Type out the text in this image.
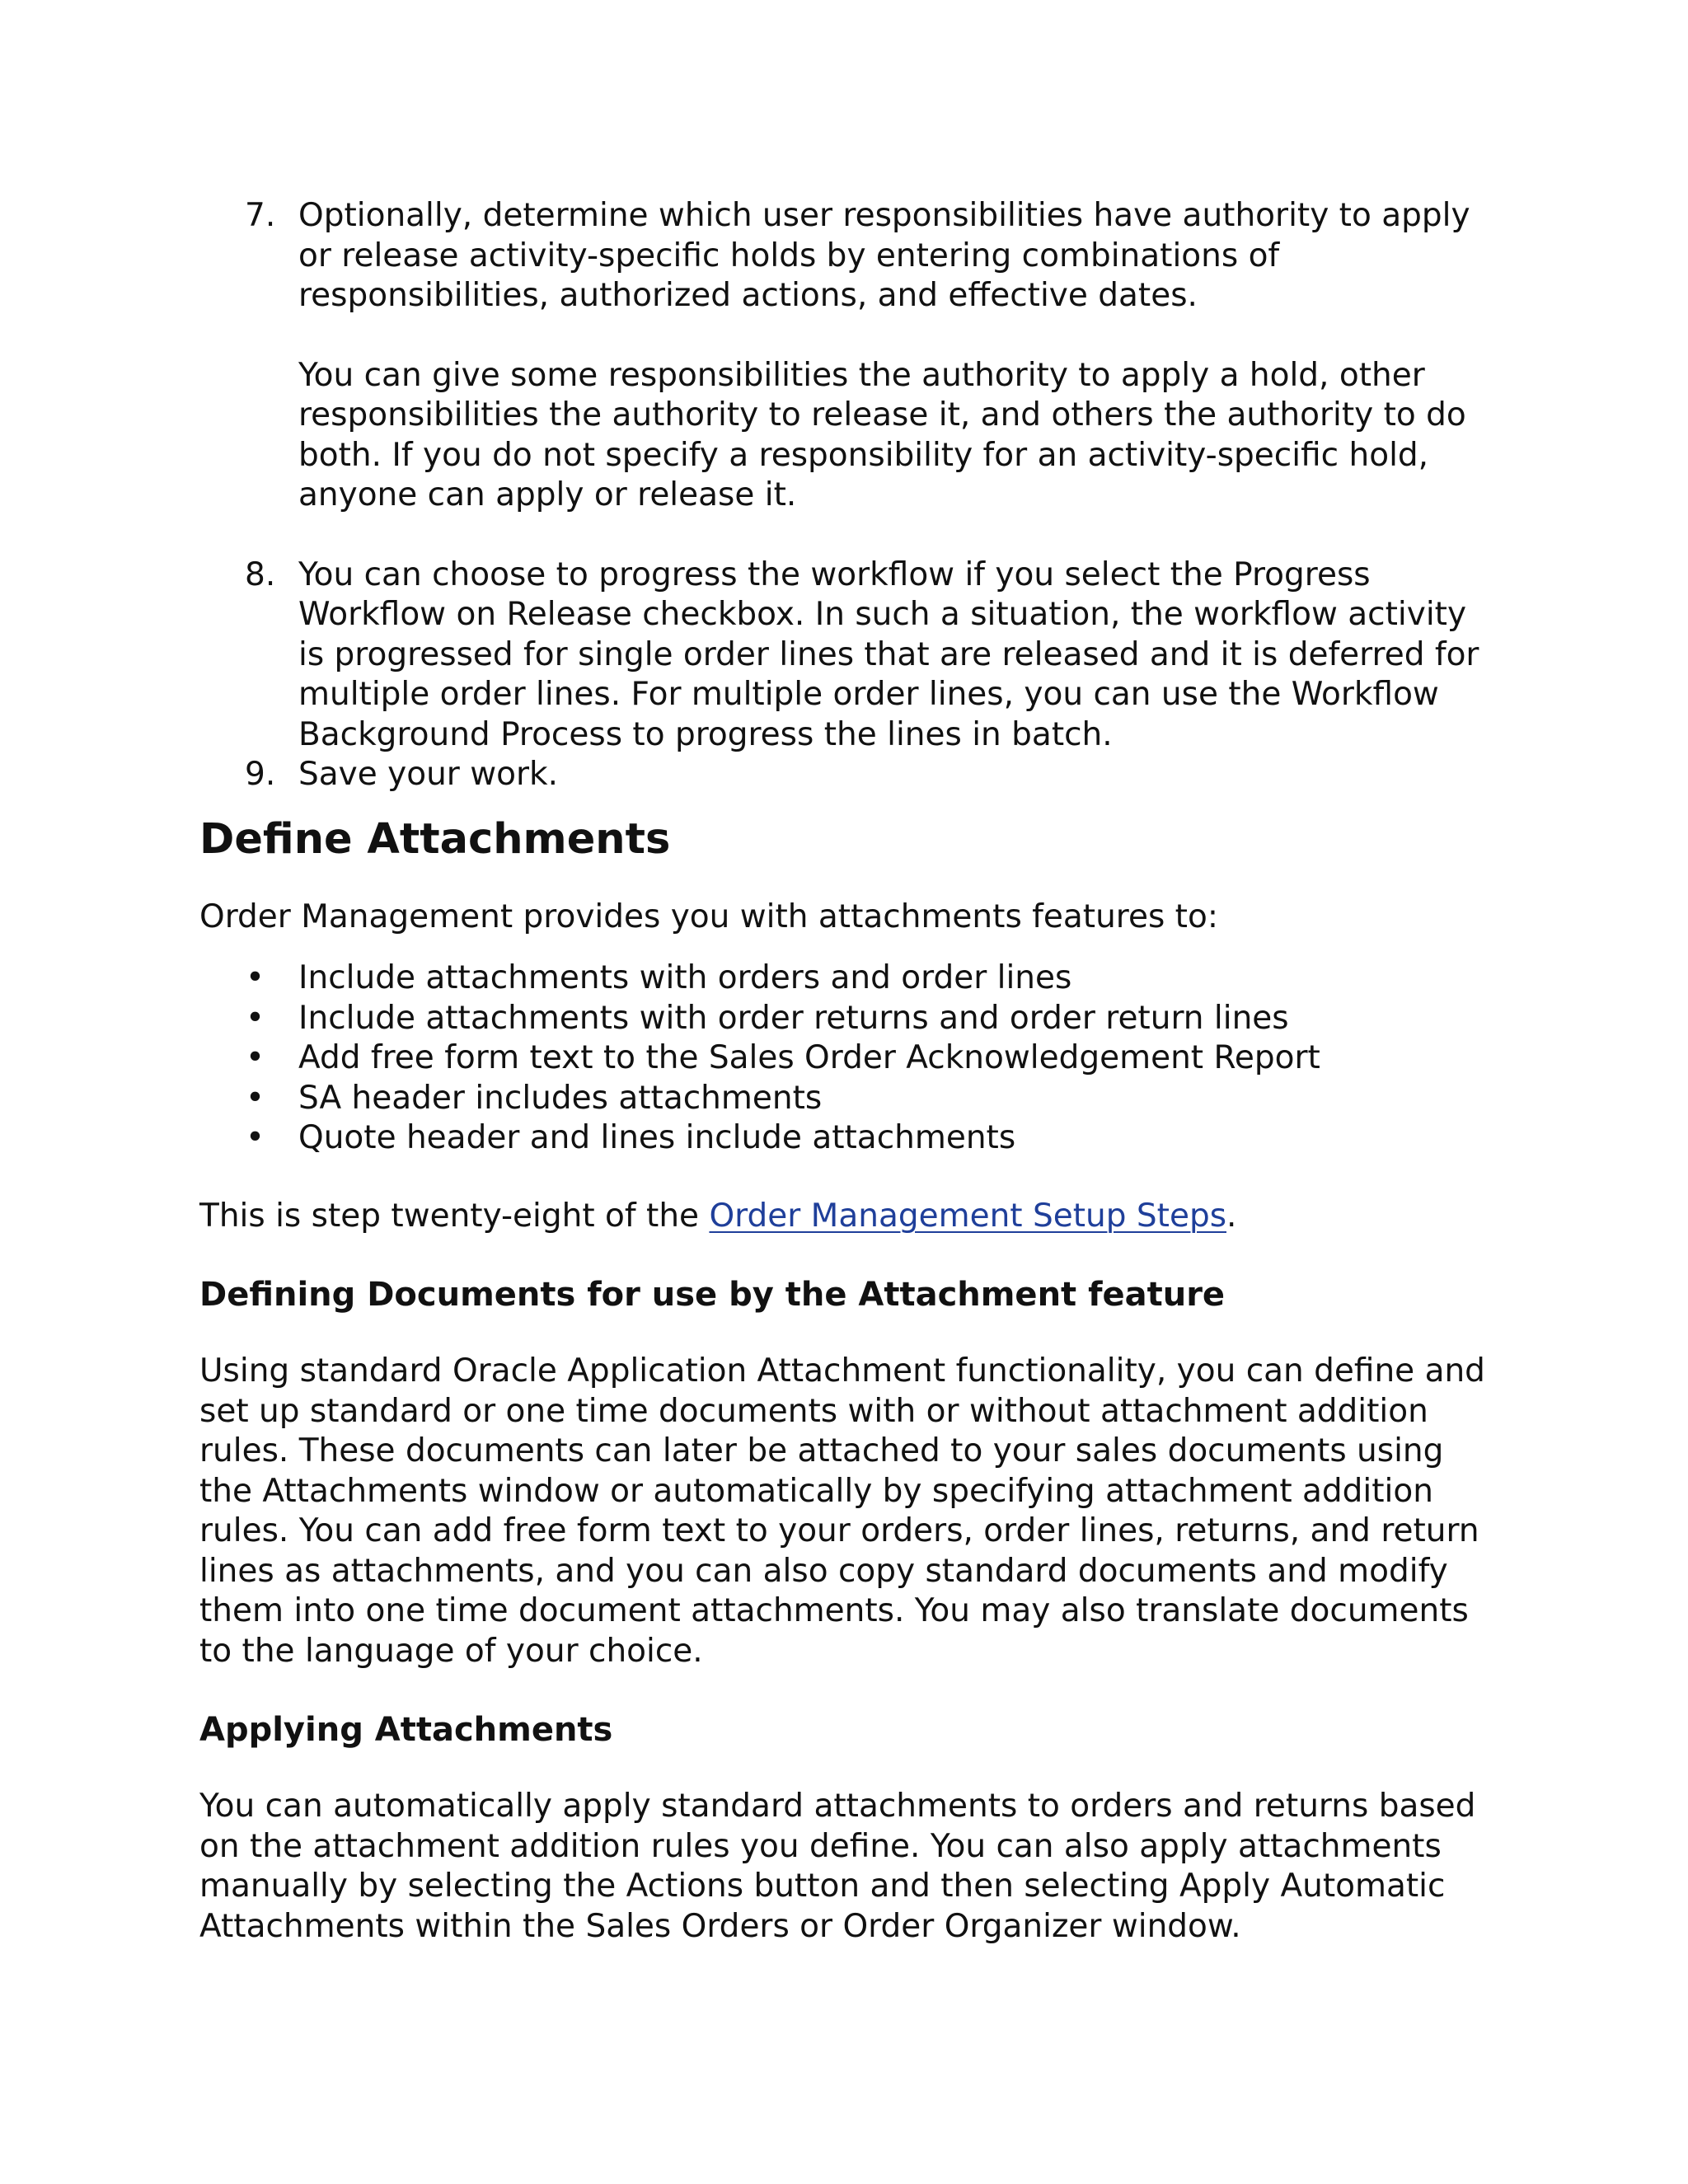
7. Optionally, determine which user responsibilities have authority to apply or release activity-specific holds by entering combinations of responsibilities, authorized actions, and effective dates.

You can give some responsibilities the authority to apply a hold, other responsibilities the authority to release it, and others the authority to do both. If you do not specify a responsibility for an activity-specific hold, anyone can apply or release it.

8. You can choose to progress the workflow if you select the Progress Workflow on Release checkbox. In such a situation, the workflow activity is progressed for single order lines that are released and it is deferred for multiple order lines. For multiple order lines, you can use the Workflow Background Process to progress the lines in batch.

9. Save your work.

Define Attachments

Order Management provides you with attachments features to:

• Include attachments with orders and order lines

• Include attachments with order returns and order return lines

• Add free form text to the Sales Order Acknowledgement Report

• SA header includes attachments

• Quote header and lines include attachments

This is step twenty-eight of the Order Management Setup Steps.

Defining Documents for use by the Attachment feature

Using standard Oracle Application Attachment functionality, you can define and set up standard or one time documents with or without attachment addition rules. These documents can later be attached to your sales documents using the Attachments window or automatically by specifying attachment addition rules. You can add free form text to your orders, order lines, returns, and return lines as attachments, and you can also copy standard documents and modify them into one time document attachments. You may also translate documents to the language of your choice.

Applying Attachments

You can automatically apply standard attachments to orders and returns based on the attachment addition rules you define. You can also apply attachments manually by selecting the Actions button and then selecting Apply Automatic Attachments within the Sales Orders or Order Organizer window.
